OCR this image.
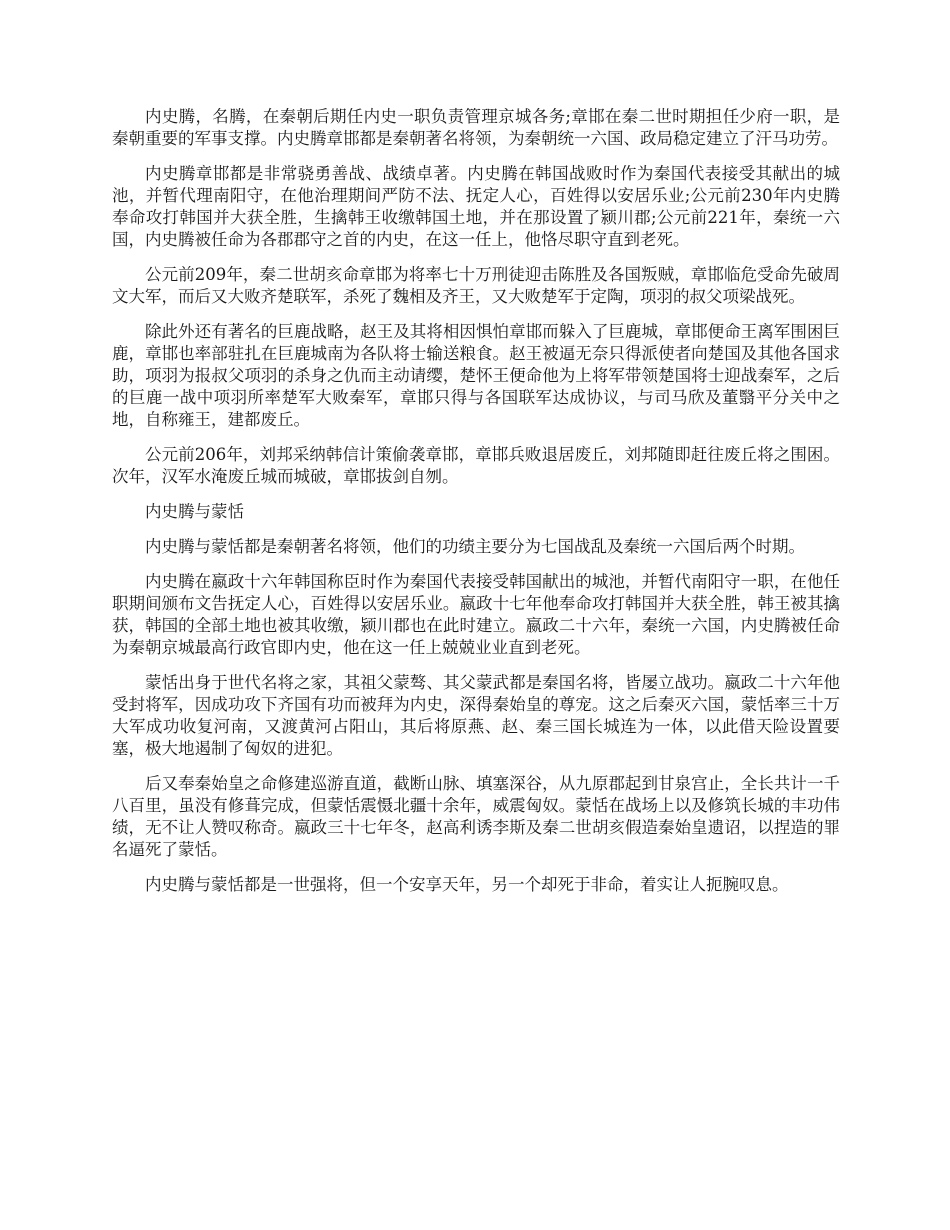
内史腾，名腾，在秦朝后期任内史一职负责管理京城各务;章邯在秦二世时期担任少府一职，是秦朝重要的军事支撑。内史腾章邯都是秦朝著名将领，为秦朝统一六国、政局稳定建立了汗马功劳。

内史腾章邯都是非常骁勇善战、战绩卓著。内史腾在韩国战败时作为秦国代表接受其献出的城池，并暂代理南阳守，在他治理期间严防不法、抚定人心，百姓得以安居乐业;公元前230年内史腾奉命攻打韩国并大获全胜，生擒韩王收缴韩国土地，并在那设置了颍川郡;公元前221年，秦统一六国，内史腾被任命为各郡郡守之首的内史，在这一任上，他恪尽职守直到老死。

公元前209年，秦二世胡亥命章邯为将率七十万刑徒迎击陈胜及各国叛贼，章邯临危受命先破周文大军，而后又大败齐楚联军，杀死了魏相及齐王，又大败楚军于定陶，项羽的叔父项梁战死。

除此外还有著名的巨鹿战略，赵王及其将相因惧怕章邯而躲入了巨鹿城，章邯便命王离军围困巨鹿，章邯也率部驻扎在巨鹿城南为各队将士输送粮食。赵王被逼无奈只得派使者向楚国及其他各国求助，项羽为报叔父项羽的杀身之仇而主动请缨，楚怀王便命他为上将军带领楚国将士迎战秦军，之后的巨鹿一战中项羽所率楚军大败秦军，章邯只得与各国联军达成协议，与司马欣及董翳平分关中之地，自称雍王，建都废丘。

公元前206年，刘邦采纳韩信计策偷袭章邯，章邯兵败退居废丘，刘邦随即赶往废丘将之围困。次年，汉军水淹废丘城而城破，章邯拔剑自刎。

内史腾与蒙恬

内史腾与蒙恬都是秦朝著名将领，他们的功绩主要分为七国战乱及秦统一六国后两个时期。

内史腾在嬴政十六年韩国称臣时作为秦国代表接受韩国献出的城池，并暂代南阳守一职，在他任职期间颁布文告抚定人心，百姓得以安居乐业。嬴政十七年他奉命攻打韩国并大获全胜，韩王被其擒获，韩国的全部土地也被其收缴，颍川郡也在此时建立。嬴政二十六年，秦统一六国，内史腾被任命为秦朝京城最高行政官即内史，他在这一任上兢兢业业直到老死。

蒙恬出身于世代名将之家，其祖父蒙骜、其父蒙武都是秦国名将，皆屡立战功。嬴政二十六年他受封将军，因成功攻下齐国有功而被拜为内史，深得秦始皇的尊宠。这之后秦灭六国，蒙恬率三十万大军成功收复河南，又渡黄河占阳山，其后将原燕、赵、秦三国长城连为一体，以此借天险设置要塞，极大地遏制了匈奴的进犯。

后又奉秦始皇之命修建巡游直道，截断山脉、填塞深谷，从九原郡起到甘泉宫止，全长共计一千八百里，虽没有修葺完成，但蒙恬震慑北疆十余年，威震匈奴。蒙恬在战场上以及修筑长城的丰功伟绩，无不让人赞叹称奇。嬴政三十七年冬，赵高利诱李斯及秦二世胡亥假造秦始皇遗诏，以捏造的罪名逼死了蒙恬。

内史腾与蒙恬都是一世强将，但一个安享天年，另一个却死于非命，着实让人扼腕叹息。
